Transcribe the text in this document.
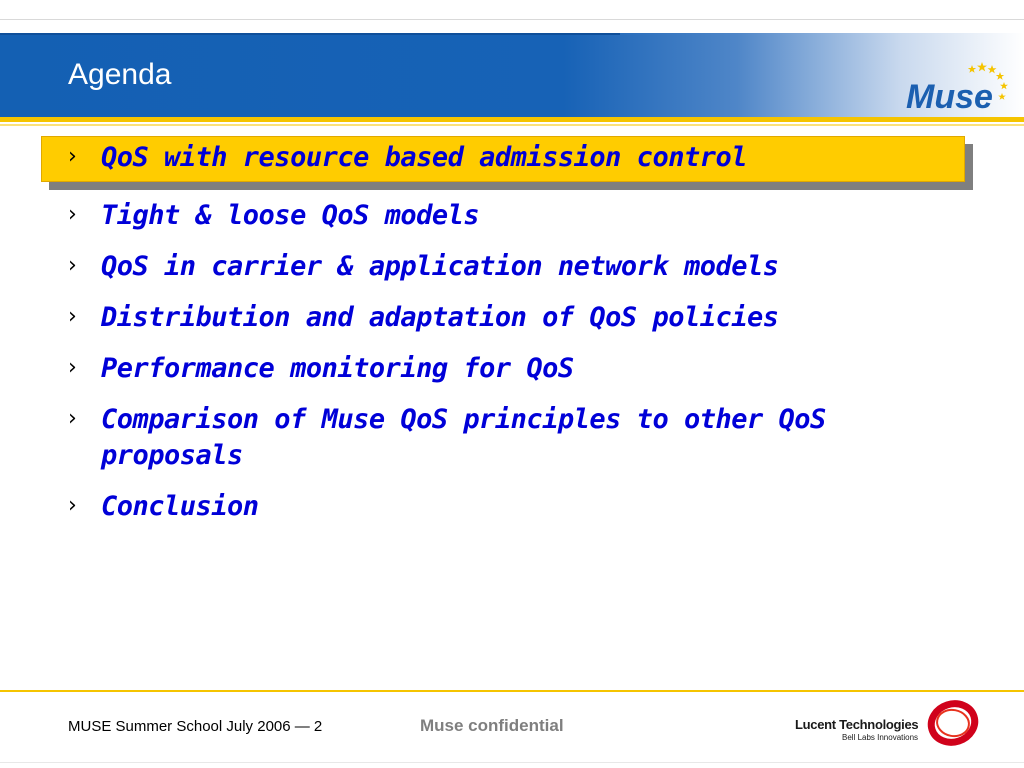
Agenda
Muse
› QoS with resource based admission control
› Tight & loose QoS models
› QoS in carrier & application network models
› Distribution and adaptation of QoS policies
› Performance monitoring for QoS
› Comparison of Muse QoS principles to other QoS proposals
› Conclusion
MUSE Summer School July 2006 — 2	Muse confidential	Lucent Technologies
Bell Labs Innovations
